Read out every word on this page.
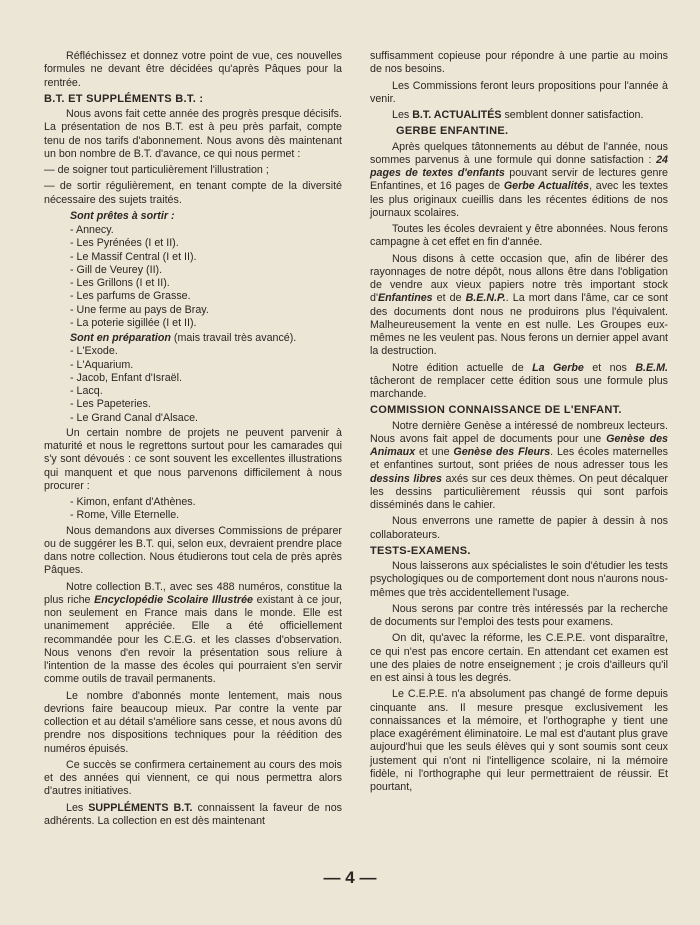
Réfléchissez et donnez votre point de vue, ces nouvelles formules ne devant être décidées qu'après Pâques pour la rentrée.

B.T. ET SUPPLÉMENTS B.T. :

Nous avons fait cette année des progrès presque décisifs. La présentation de nos B.T. est à peu près parfait, compte tenu de nos tarifs d'abonnement. Nous avons dès maintenant un bon nombre de B.T. d'avance, ce qui nous permet :

— de soigner tout particulièrement l'illustration ;

— de sortir régulièrement, en tenant compte de la diversité nécessaire des sujets traités.

Sont prêtes à sortir :
- Annecy.
- Les Pyrénées (I et II).
- Le Massif Central (I et II).
- Gill de Veurey (II).
- Les Grillons (I et II).
- Les parfums de Grasse.
- Une ferme au pays de Bray.
- La poterie sigillée (I et II).
Sont en préparation (mais travail très avancé).
- L'Exode.
- L'Aquarium.
- Jacob, Enfant d'Israël.
- Lacq.
- Les Papeteries.
- Le Grand Canal d'Alsace.

Un certain nombre de projets ne peuvent parvenir à maturité et nous le regrettons surtout pour les camarades qui s'y sont dévoués : ce sont souvent les excellentes illustrations qui manquent et que nous parvenons difficilement à nous procurer :

- Kimon, enfant d'Athènes.
- Rome, Ville Eternelle.

Nous demandons aux diverses Commissions de préparer ou de suggérer les B.T. qui, selon eux, devraient prendre place dans notre collection. Nous étudierons tout cela de près après Pâques.

Notre collection B.T., avec ses 488 numéros, constitue la plus riche Encyclopédie Scolaire Illustrée existant à ce jour, non seulement en France mais dans le monde. Elle est unanimement appréciée. Elle a été officiellement recommandée pour les C.E.G. et les classes d'observation. Nous venons d'en revoir la présentation sous reliure à l'intention de la masse des écoles qui pourraient s'en servir comme outils de travail permanents.

Le nombre d'abonnés monte lentement, mais nous devrions faire beaucoup mieux. Par contre la vente par collection et au détail s'améliore sans cesse, et nous avons dû prendre nos dispositions techniques pour la réédition des numéros épuisés.

Ce succès se confirmera certainement au cours des mois et des années qui viennent, ce qui nous permettra alors d'autres initiatives.

Les SUPPLÉMENTS B.T. connaissent la faveur de nos adhérents. La collection en est dès maintenant

suffisamment copieuse pour répondre à une partie au moins de nos besoins.

Les Commissions feront leurs propositions pour l'année à venir.

Les B.T. ACTUALITÉS semblent donner satisfaction.

GERBE ENFANTINE.

Après quelques tâtonnements au début de l'année, nous sommes parvenus à une formule qui donne satisfaction : 24 pages de textes d'enfants pouvant servir de lectures genre Enfantines, et 16 pages de Gerbe Actualités, avec les textes les plus originaux cueillis dans les récentes éditions de nos journaux scolaires.

Toutes les écoles devraient y être abonnées. Nous ferons campagne à cet effet en fin d'année.

Nous disons à cette occasion que, afin de libérer des rayonnages de notre dépôt, nous allons être dans l'obligation de vendre aux vieux papiers notre très important stock d'Enfantines et de B.E.N.P.. La mort dans l'âme, car ce sont des documents dont nous ne produirons plus l'équivalent. Malheureusement la vente en est nulle. Les Groupes eux-mêmes ne les veulent pas. Nous ferons un dernier appel avant la destruction.

Notre édition actuelle de La Gerbe et nos B.E.M. tâcheront de remplacer cette édition sous une formule plus marchande.

COMMISSION CONNAISSANCE DE L'ENFANT.

Notre dernière Genèse a intéressé de nombreux lecteurs. Nous avons fait appel de documents pour une Genèse des Animaux et une Genèse des Fleurs. Les écoles maternelles et enfantines surtout, sont priées de nous adresser tous les dessins libres axés sur ces deux thèmes. On peut décalquer les dessins particulièrement réussis qui sont parfois disséminés dans le cahier.

Nous enverrons une ramette de papier à dessin à nos collaborateurs.

TESTS-EXAMENS.

Nous laisserons aux spécialistes le soin d'étudier les tests psychologiques ou de comportement dont nous n'aurons nous-mêmes que très accidentellement l'usage.

Nous serons par contre très intéressés par la recherche de documents sur l'emploi des tests pour examens.

On dit, qu'avec la réforme, les C.E.P.E. vont disparaître, ce qui n'est pas encore certain. En attendant cet examen est une des plaies de notre enseignement ; je crois d'ailleurs qu'il en est ainsi à tous les degrés.

Le C.E.P.E. n'a absolument pas changé de forme depuis cinquante ans. Il mesure presque exclusivement les connaissances et la mémoire, et l'orthographe y tient une place exagérément éliminatoire. Le mal est d'autant plus grave aujourd'hui que les seuls élèves qui y sont soumis sont ceux justement qui n'ont ni l'intelligence scolaire, ni la mémoire fidèle, ni l'orthographe qui leur permettraient de réussir. Et pourtant,

— 4 —
